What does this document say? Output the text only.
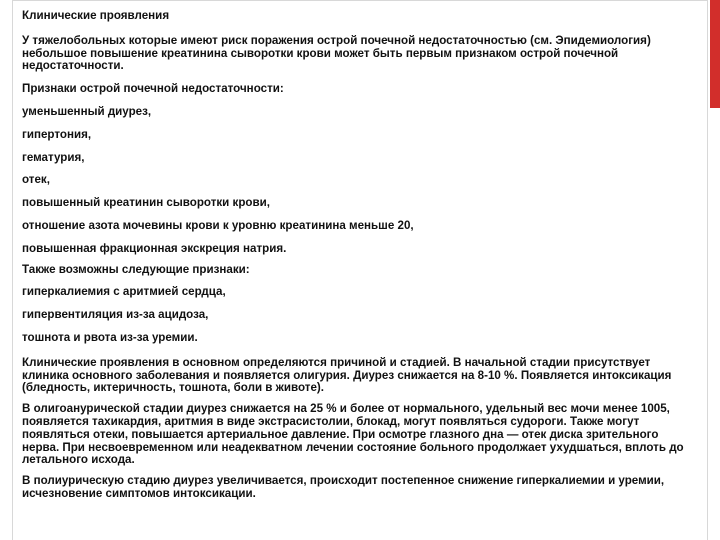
Клинические проявления
У тяжелобольных которые имеют риск поражения острой почечной недостаточностью (см. Эпидемиология) небольшое повышение креатинина сыворотки крови может быть первым признаком острой почечной недостаточности.
Признаки острой почечной недостаточности:
уменьшенный диурез,
гипертония,
гематурия,
отек,
повышенный креатинин сыворотки крови,
отношение азота мочевины крови к уровню креатинина меньше 20,
повышенная фракционная экскреция натрия.
Также возможны следующие признаки:
гиперкалиемия с аритмией сердца,
гипервентиляция из-за ацидоза,
тошнота и рвота из-за уремии.
Клинические проявления в основном определяются причиной и стадией. В начальной стадии присутствует клиника основного заболевания и появляется олигурия. Диурез снижается на 8-10 %. Появляется интоксикация (бледность, иктеричность, тошнота, боли в животе).
В олигоанурической стадии диурез снижается на 25 % и более от нормального, удельный вес мочи менее 1005, появляется тахикардия, аритмия в виде экстрасистолии, блокад, могут появляться судороги. Также могут появляться отеки, повышается артериальное давление. При осмотре глазного дна — отек диска зрительного нерва. При несвоевременном или неадекватном лечении состояние больного продолжает ухудшаться, вплоть до летального исхода.
В полиурическую стадию диурез увеличивается, происходит постепенное снижение гиперкалиемии и уремии, исчезновение симптомов интоксикации.
